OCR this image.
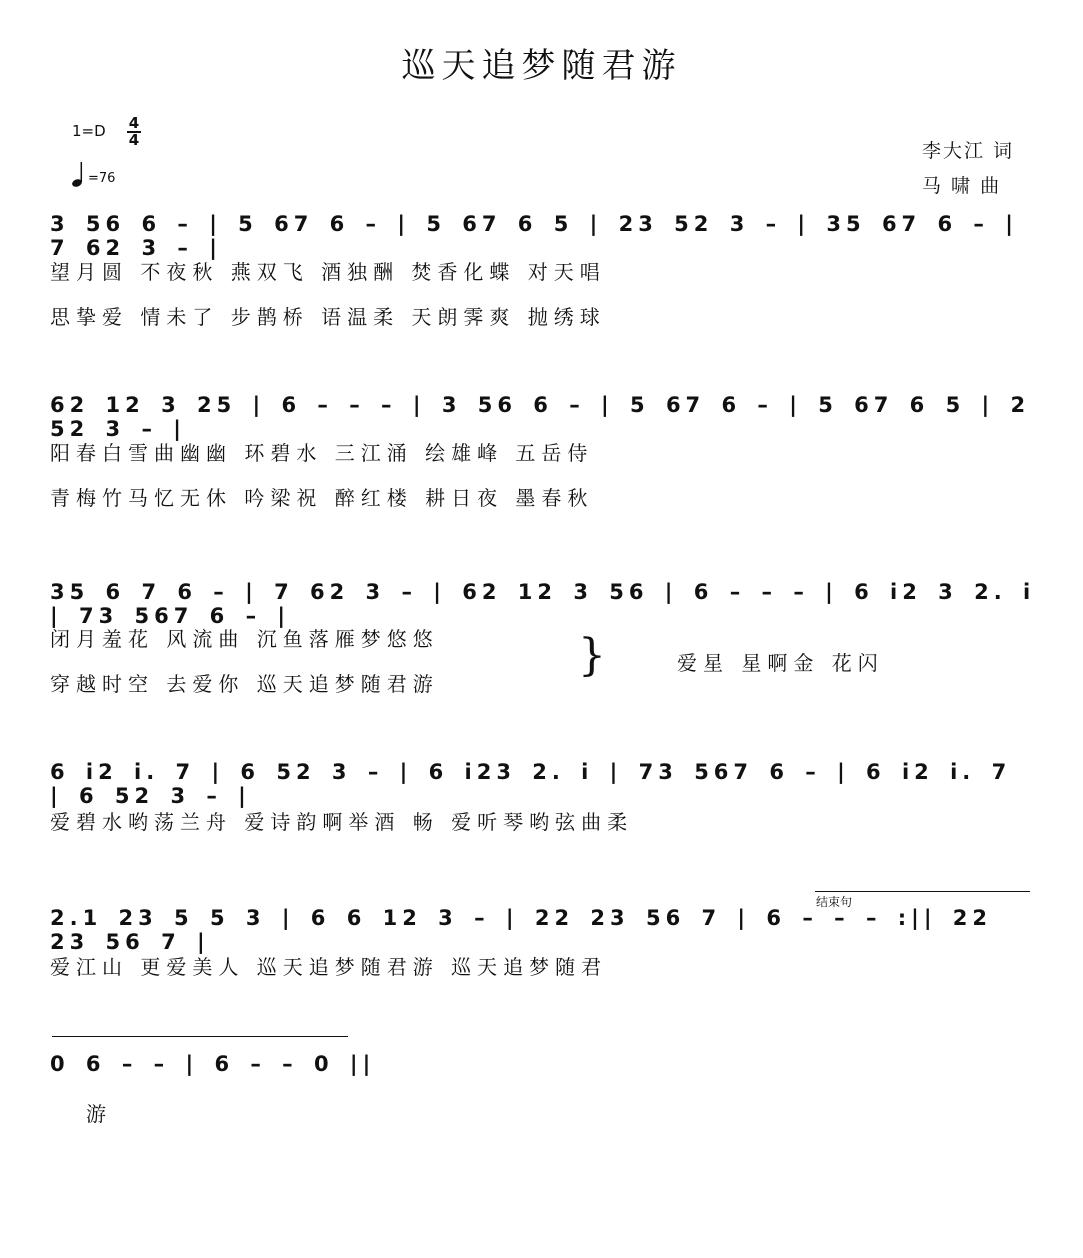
巡天追梦随君游
1=D 4
4
=76
李大江 词
马 啸 曲
3 56 6 – | 5 67 6 – | 5 67 6 5 | 23 52 3 – | 35 67 6 – | 7 62 3 – |
望月圆 不夜秋 燕双飞 酒独酬 焚香化蝶 对天唱
思挚爱 情未了 步鹊桥 语温柔 天朗霁爽 抛绣球
62 12 3 25 | 6 – – – | 3 56 6 – | 5 67 6 – | 5 67 6 5 | 2 52 3 – |
阳春白雪曲幽幽 环碧水 三江涌 绘雄峰 五岳侍
青梅竹马忆无休 吟梁祝 醉红楼 耕日夜 墨春秋
35 6 7 6 – | 7 62 3 – | 62 12 3 56 | 6 – – – | 6 i2 3 2. i | 73 567 6 – |
闭月羞花 风流曲 沉鱼落雁梦悠悠
穿越时空 去爱你 巡天追梦随君游
}	爱星 星啊金 花闪
6 i2 i. 7 | 6 52 3 – | 6 i23 2. i | 73 567 6 – | 6 i2 i. 7 | 6 52 3 – |
爱碧水哟荡兰舟 爱诗韵啊举酒 畅 爱听琴哟弦曲柔
结束句
2.1 23 5 5 3 | 6 6 12 3 – | 22 23 56 7 | 6 – – – :|| 22 23 56 7 |
爱江山 更爱美人 巡天追梦随君游 巡天追梦随君
0 6 – – | 6 – – 0 ||
游
